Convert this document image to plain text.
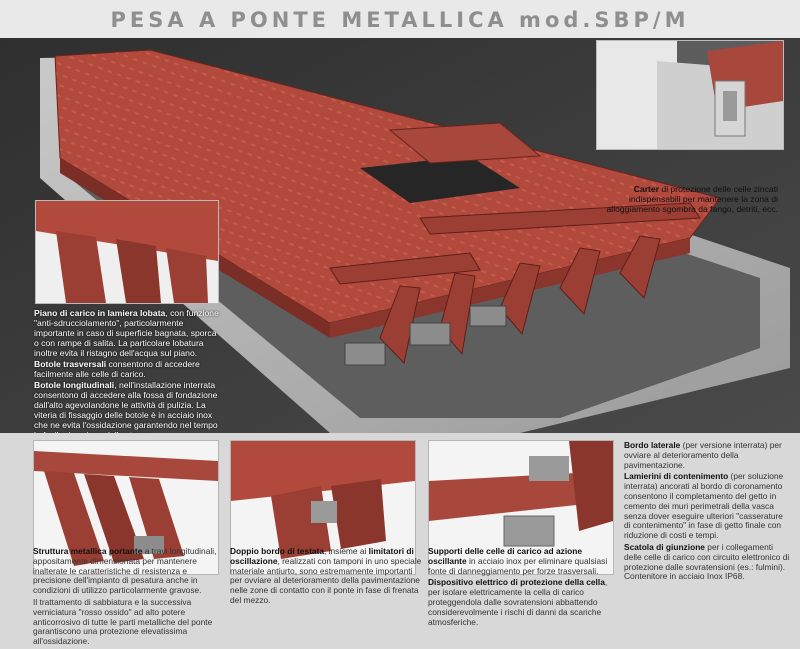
PESA A PONTE METALLICA mod.SBP/M
Carter di protezione delle celle zincati indispensabili per mantenere la zona di alloggiamento sgombra da fango, detriti, ecc.

Piano di carico in lamiera lobata, con funzione "anti-sdrucciolamento", particolarmente importante in caso di superficie bagnata, sporca o con rampe di salita. La particolare lobatura inoltre evita il ristagno dell'acqua sul piano.

Botole trasversali consentono di accedere facilmente alle celle di carico.

Botole longitudinali, nell'installazione interrata consentono di accedere alla fossa di fondazione dall'alto agevolandone le attività di pulizia. La viteria di fissaggio delle botole è in acciaio inox che ne evita l'ossidazione garantendo nel tempo

Struttura metallica portante a travi longitudinali, appositamente dimensionata per mantenere inalterate le caratteristiche di resistenza e precisione dell'impianto di pesatura anche in condizioni di utilizzo particolarmente gravose.

Il trattamento di sabbiatura e la successiva verniciatura "rosso ossido" ad alto potere anticorrosivo di tutte le parti metalliche del ponte garantiscono una protezione elevatissima all'ossidazione.

Doppio bordo di testata, insieme ai limitatori di oscillazione, realizzati con tamponi in uno speciale materiale antiurto, sono estremamente importanti per ovviare al deterioramento della pavimentazione nelle zone di contatto con il ponte in fase di frenata del mezzo.

Supporti delle celle di carico ad azione oscillante in acciaio inox per eliminare qualsiasi fonte di danneggiamento per forze trasversali.

Dispositivo elettrico di protezione della cella, per isolare elettricamente la cella di carico proteggendola dalle sovratensioni abbattendo considerevolmente i rischi di danni da scariche atmosferiche.

Bordo laterale (per versione interrata) per ovviare al deterioramento della pavimentazione.

Lamierini di contenimento (per soluzione interrata) ancorati al bordo di coronamento consentono il completamento del getto in cemento dei muri perimetrali della vasca senza dover eseguire ulteriori "casserature di contenimento" in fase di getto finale con riduzione di costi e tempi.

Scatola di giunzione per i collegamenti delle celle di carico con circuito elettronico di protezione dalle sovratensioni (es.: fulmini). Contenitore in acciaio Inox IP68.
